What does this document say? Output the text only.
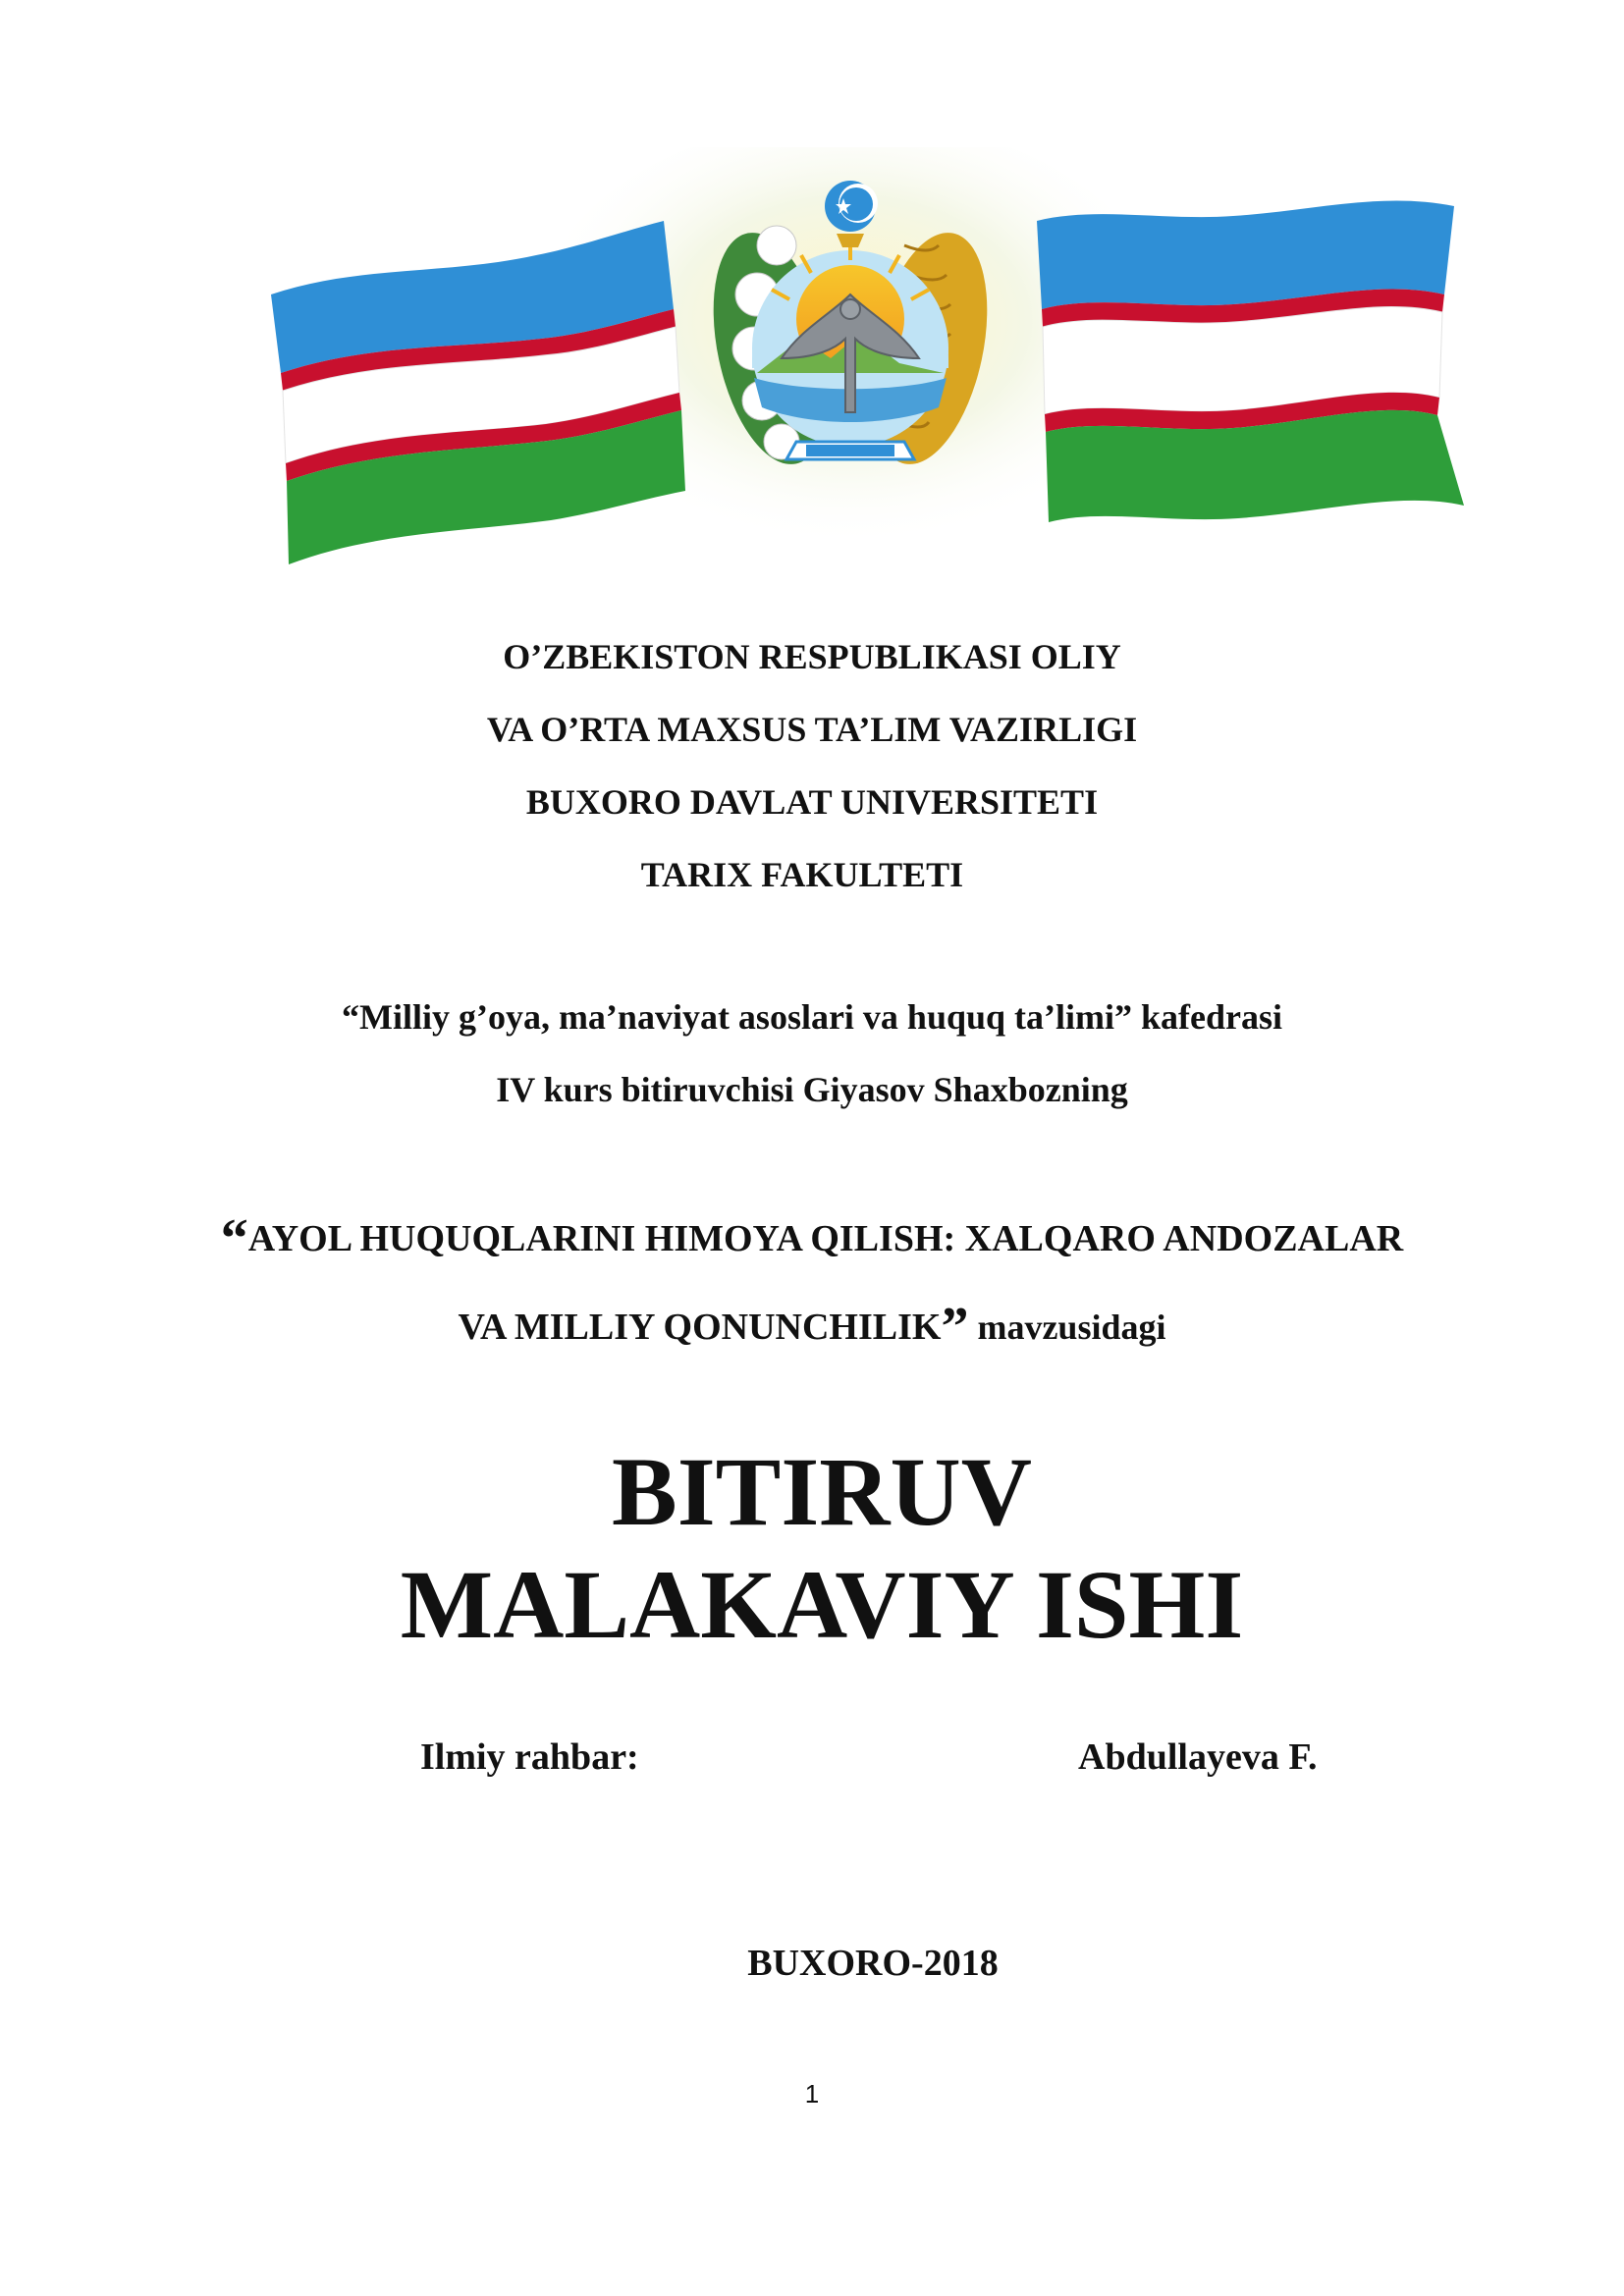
O’ZBEKISTON RESPUBLIKASI OLIY
VA O’RTA MAXSUS TA’LIM VAZIRLIGI
BUXORO DAVLAT UNIVERSITETI
TARIX FAKULTETI
“Milliy g’oya, ma’naviyat asoslari va huquq ta’limi” kafedrasi
IV kurs bitiruvchisi Giyasov Shaxbozning
“AYOL HUQUQLARINI HIMOYA QILISH: XALQARO ANDOZALAR
VA MILLIY QONUNCHILIK” mavzusidagi
BITIRUV
MALAKAVIY ISHI
Ilmiy rahbar:	Abdullayeva F.
BUXORO-2018
1
